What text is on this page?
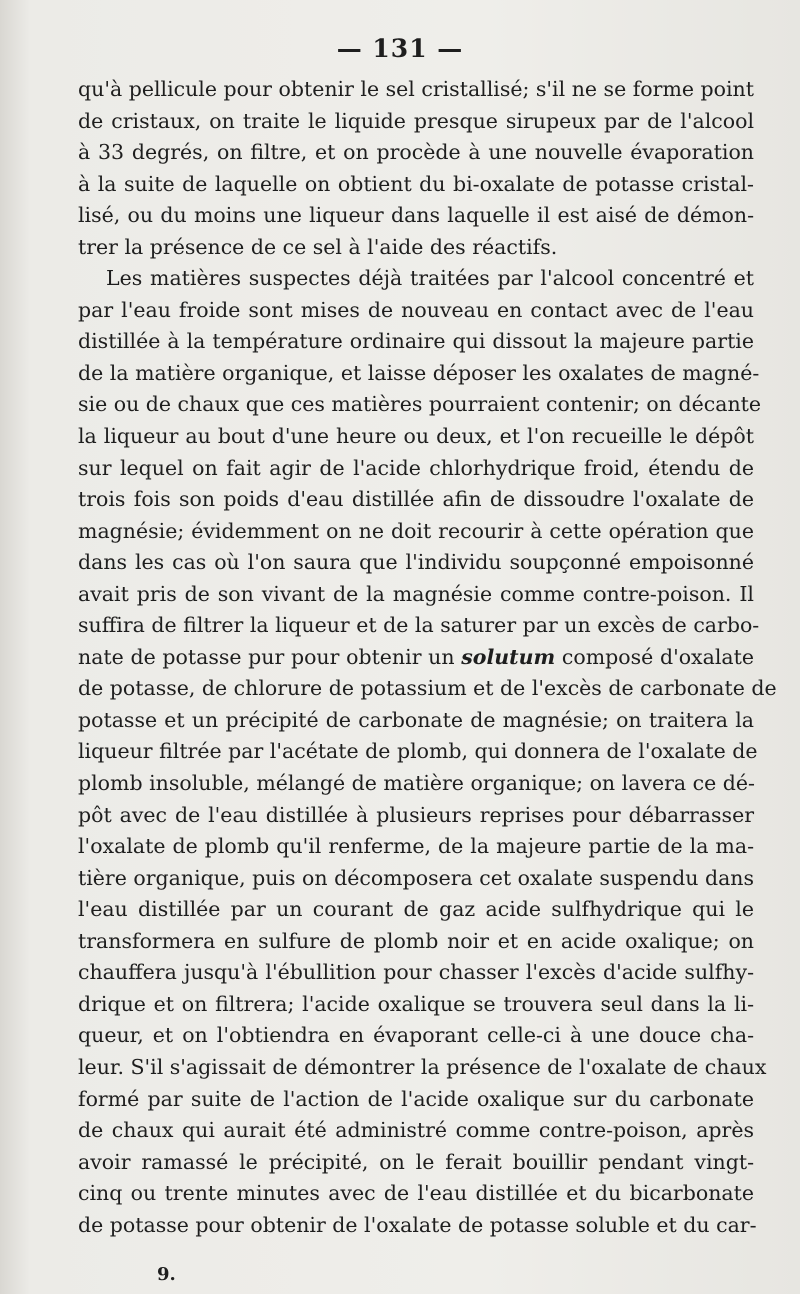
— 131 —
qu'à pellicule pour obtenir le sel cristallisé; s'il ne se forme point
de cristaux, on traite le liquide presque sirupeux par de l'alcool
à 33 degrés, on filtre, et on procède à une nouvelle évaporation
à la suite de laquelle on obtient du bi-oxalate de potasse cristal-
lisé, ou du moins une liqueur dans laquelle il est aisé de démon-
trer la présence de ce sel à l'aide des réactifs.
Les matières suspectes déjà traitées par l'alcool concentré et
par l'eau froide sont mises de nouveau en contact avec de l'eau
distillée à la température ordinaire qui dissout la majeure partie
de la matière organique, et laisse déposer les oxalates de magné-
sie ou de chaux que ces matières pourraient contenir; on décante
la liqueur au bout d'une heure ou deux, et l'on recueille le dépôt
sur lequel on fait agir de l'acide chlorhydrique froid, étendu de
trois fois son poids d'eau distillée afin de dissoudre l'oxalate de
magnésie; évidemment on ne doit recourir à cette opération que
dans les cas où l'on saura que l'individu soupçonné empoisonné
avait pris de son vivant de la magnésie comme contre-poison. Il
suffira de filtrer la liqueur et de la saturer par un excès de carbo-
nate de potasse pur pour obtenir un solutum composé d'oxalate
de potasse, de chlorure de potassium et de l'excès de carbonate de
potasse et un précipité de carbonate de magnésie; on traitera la
liqueur filtrée par l'acétate de plomb, qui donnera de l'oxalate de
plomb insoluble, mélangé de matière organique; on lavera ce dé-
pôt avec de l'eau distillée à plusieurs reprises pour débarrasser
l'oxalate de plomb qu'il renferme, de la majeure partie de la ma-
tière organique, puis on décomposera cet oxalate suspendu dans
l'eau distillée par un courant de gaz acide sulfhydrique qui le
transformera en sulfure de plomb noir et en acide oxalique; on
chauffera jusqu'à l'ébullition pour chasser l'excès d'acide sulfhy-
drique et on filtrera; l'acide oxalique se trouvera seul dans la li-
queur, et on l'obtiendra en évaporant celle-ci à une douce cha-
leur. S'il s'agissait de démontrer la présence de l'oxalate de chaux
formé par suite de l'action de l'acide oxalique sur du carbonate
de chaux qui aurait été administré comme contre-poison, après
avoir ramassé le précipité, on le ferait bouillir pendant vingt-
cinq ou trente minutes avec de l'eau distillée et du bicarbonate
de potasse pour obtenir de l'oxalate de potasse soluble et du car-
9.
